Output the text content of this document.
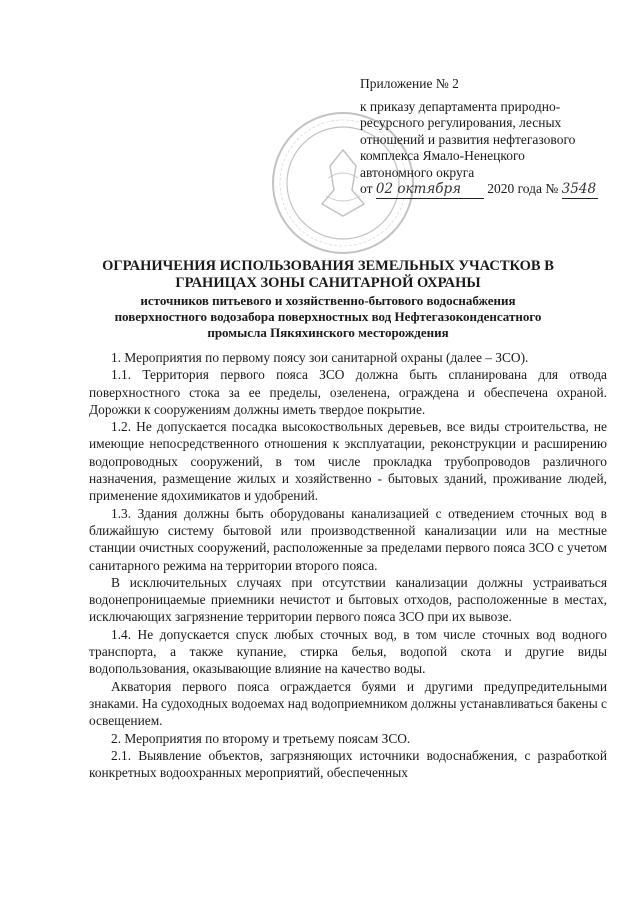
Приложение № 2
к приказу департамента природно-
ресурсного регулирования, лесных
отношений и развития нефтегазового
комплекса Ямало-Ненецкого
автономного округа
от 02 октября 2020 года № 3548
ОГРАНИЧЕНИЯ ИСПОЛЬЗОВАНИЯ ЗЕМЕЛЬНЫХ УЧАСТКОВ В ГРАНИЦАХ ЗОНЫ САНИТАРНОЙ ОХРАНЫ
источников питьевого и хозяйственно-бытового водоснабжения поверхностного водозабора поверхностных вод Нефтегазоконденсатного промысла Пякяхинского месторождения

1. Мероприятия по первому поясу зои санитарной охраны (далее – ЗСО).

1.1. Территория первого пояса ЗСО должна быть спланирована для отвода поверхностного стока за ее пределы, озеленена, ограждена и обеспечена охраной. Дорожки к сооружениям должны иметь твердое покрытие.

1.2. Не допускается посадка высокоствольных деревьев, все виды строительства, не имеющие непосредственного отношения к эксплуатации, реконструкции и расширению водопроводных сооружений, в том числе прокладка трубопроводов различного назначения, размещение жилых и хозяйственно - бытовых зданий, проживание людей, применение ядохимикатов и удобрений.

1.3. Здания должны быть оборудованы канализацией с отведением сточных вод в ближайшую систему бытовой или производственной канализации или на местные станции очистных сооружений, расположенные за пределами первого пояса ЗСО с учетом санитарного режима на территории второго пояса.

В исключительных случаях при отсутствии канализации должны устраиваться водонепроницаемые приемники нечистот и бытовых отходов, расположенные в местах, исключающих загрязнение территории первого пояса ЗСО при их вывозе.

1.4. Не допускается спуск любых сточных вод, в том числе сточных вод водного транспорта, а также купание, стирка белья, водопой скота и другие виды водопользования, оказывающие влияние на качество воды.

Акватория первого пояса ограждается буями и другими предупредительными знаками. На судоходных водоемах над водоприемником должны устанавливаться бакены с освещением.

2. Мероприятия по второму и третьему поясам ЗСО.

2.1. Выявление объектов, загрязняющих источники водоснабжения, с разработкой конкретных водоохранных мероприятий, обеспеченных
